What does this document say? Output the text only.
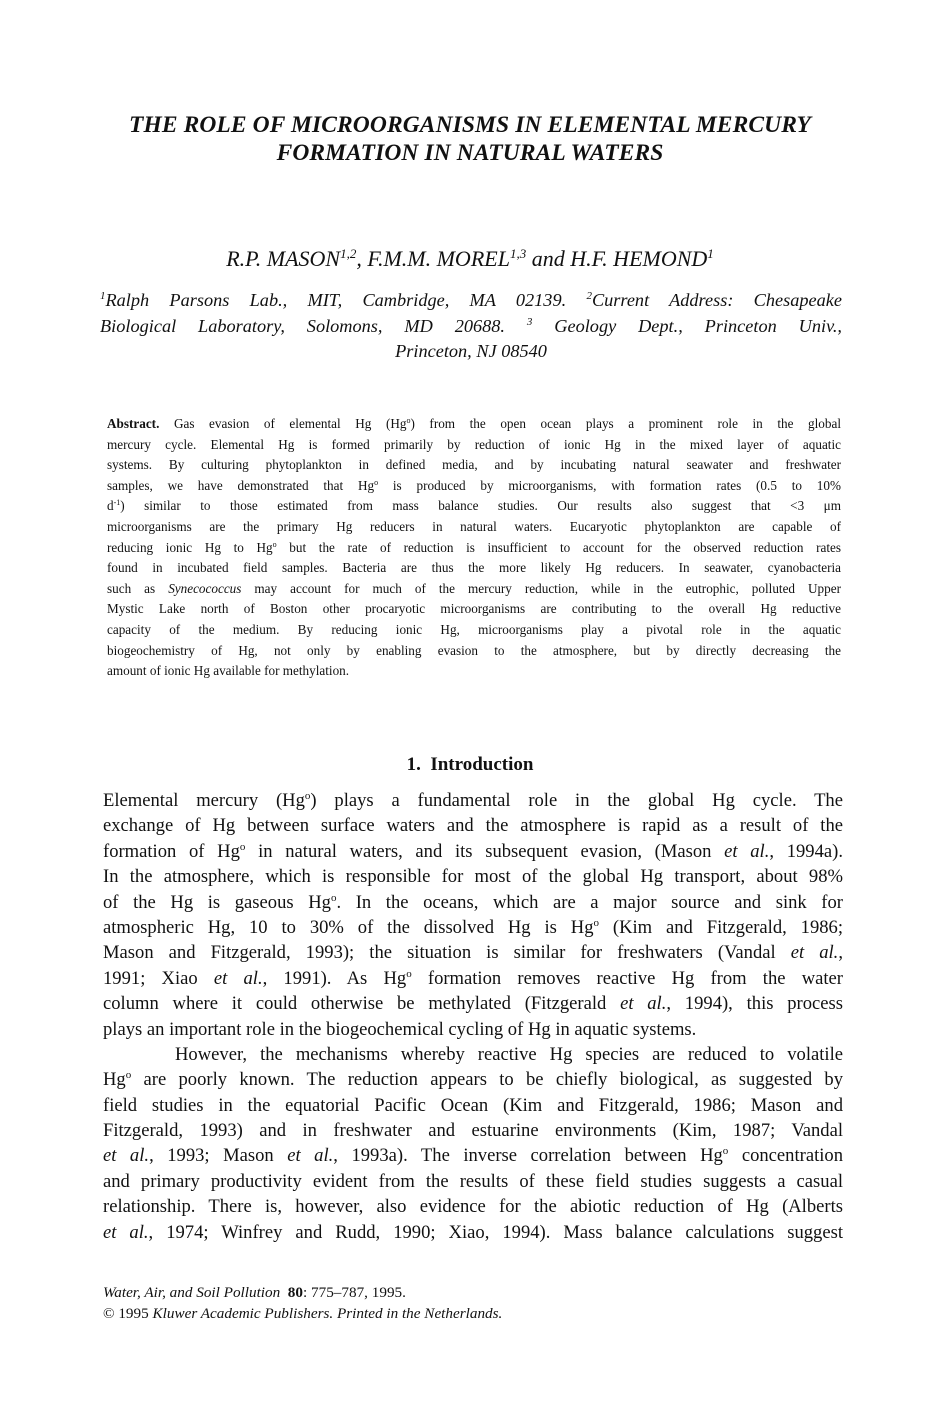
THE ROLE OF MICROORGANISMS IN ELEMENTAL MERCURY
FORMATION IN NATURAL WATERS
R.P. MASON$^{1,2}$, F.M.M. MOREL$^{1,3}$ and H.F. HEMOND$^1$
$^1$Ralph Parsons Lab., MIT, Cambridge, MA 02139. $^2$Current Address: Chesapeake
Biological Laboratory, Solomons, MD 20688. $^3$ Geology Dept., Princeton Univ.,
Princeton, NJ 08540
Abstract. Gas evasion of elemental Hg (Hg$^o$) from the open ocean plays a prominent role in the global
mercury cycle. Elemental Hg is formed primarily by reduction of ionic Hg in the mixed layer of aquatic
systems. By culturing phytoplankton in defined media, and by incubating natural seawater and freshwater
samples, we have demonstrated that Hg$^o$ is produced by microorganisms, with formation rates (0.5 to 10%
$d^{-1}$) similar to those estimated from mass balance studies. Our results also suggest that <3 μm
microorganisms are the primary Hg reducers in natural waters. Eucaryotic phytoplankton are capable of
reducing ionic Hg to Hg$^o$ but the rate of reduction is insufficient to account for the observed reduction rates
found in incubated field samples. Bacteria are thus the more likely Hg reducers. In seawater, cyanobacteria
such as Synecococcus may account for much of the mercury reduction, while in the eutrophic, polluted Upper
Mystic Lake north of Boston other procaryotic microorganisms are contributing to the overall Hg reductive
capacity of the medium. By reducing ionic Hg, microorganisms play a pivotal role in the aquatic
biogeochemistry of Hg, not only by enabling evasion to the atmosphere, but by directly decreasing the
amount of ionic Hg available for methylation.
1. Introduction
Elemental mercury (Hg$^o$) plays a fundamental role in the global Hg cycle. The
exchange of Hg between surface waters and the atmosphere is rapid as a result of the
formation of Hg$^o$ in natural waters, and its subsequent evasion, (Mason et al., 1994a).
In the atmosphere, which is responsible for most of the global Hg transport, about 98%
of the Hg is gaseous Hg$^o$. In the oceans, which are a major source and sink for
atmospheric Hg, 10 to 30% of the dissolved Hg is Hg$^o$ (Kim and Fitzgerald, 1986;
Mason and Fitzgerald, 1993); the situation is similar for freshwaters (Vandal et al.,
1991; Xiao et al., 1991). As Hg$^o$ formation removes reactive Hg from the water
column where it could otherwise be methylated (Fitzgerald et al., 1994), this process
plays an important role in the biogeochemical cycling of Hg in aquatic systems.
However, the mechanisms whereby reactive Hg species are reduced to volatile
Hg$^o$ are poorly known. The reduction appears to be chiefly biological, as suggested by
field studies in the equatorial Pacific Ocean (Kim and Fitzgerald, 1986; Mason and
Fitzgerald, 1993) and in freshwater and estuarine environments (Kim, 1987; Vandal
et al., 1993; Mason et al., 1993a). The inverse correlation between Hg$^o$ concentration
and primary productivity evident from the results of these field studies suggests a casual
relationship. There is, however, also evidence for the abiotic reduction of Hg (Alberts
et al., 1974; Winfrey and Rudd, 1990; Xiao, 1994). Mass balance calculations suggest
Water, Air, and Soil Pollution 80: 775–787, 1995.
© 1995 Kluwer Academic Publishers. Printed in the Netherlands.
